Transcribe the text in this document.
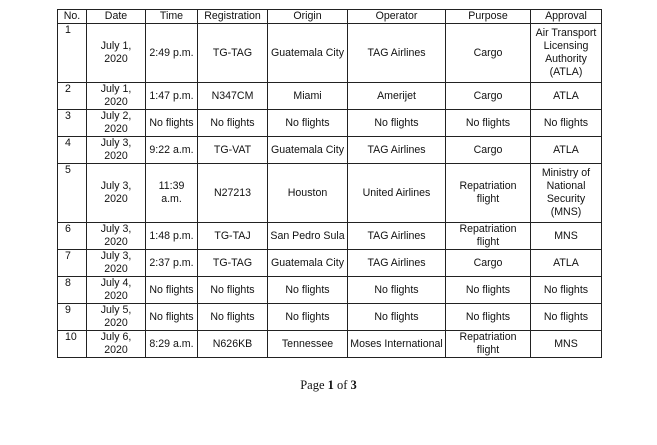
No.	Date	Time	Registration	Origin	Operator	Purpose	Approval
1	July 1, 2020	2:49 p.m.	TG-TAG	Guatemala City	TAG Airlines	Cargo	Air Transport Licensing Authority (ATLA)
2	July 1, 2020	1:47 p.m.	N347CM	Miami	Amerijet	Cargo	ATLA
3	July 2, 2020	No flights	No flights	No flights	No flights	No flights	No flights
4	July 3, 2020	9:22 a.m.	TG-VAT	Guatemala City	TAG Airlines	Cargo	ATLA
5	July 3, 2020	11:39 a.m.	N27213	Houston	United Airlines	Repatriation flight	Ministry of National Security (MNS)
6	July 3, 2020	1:48 p.m.	TG-TAJ	San Pedro Sula	TAG Airlines	Repatriation flight	MNS
7	July 3, 2020	2:37 p.m.	TG-TAG	Guatemala City	TAG Airlines	Cargo	ATLA
8	July 4, 2020	No flights	No flights	No flights	No flights	No flights	No flights
9	July 5, 2020	No flights	No flights	No flights	No flights	No flights	No flights
10	July 6, 2020	8:29 a.m.	N626KB	Tennessee	Moses International	Repatriation flight	MNS
Page 1 of 3
